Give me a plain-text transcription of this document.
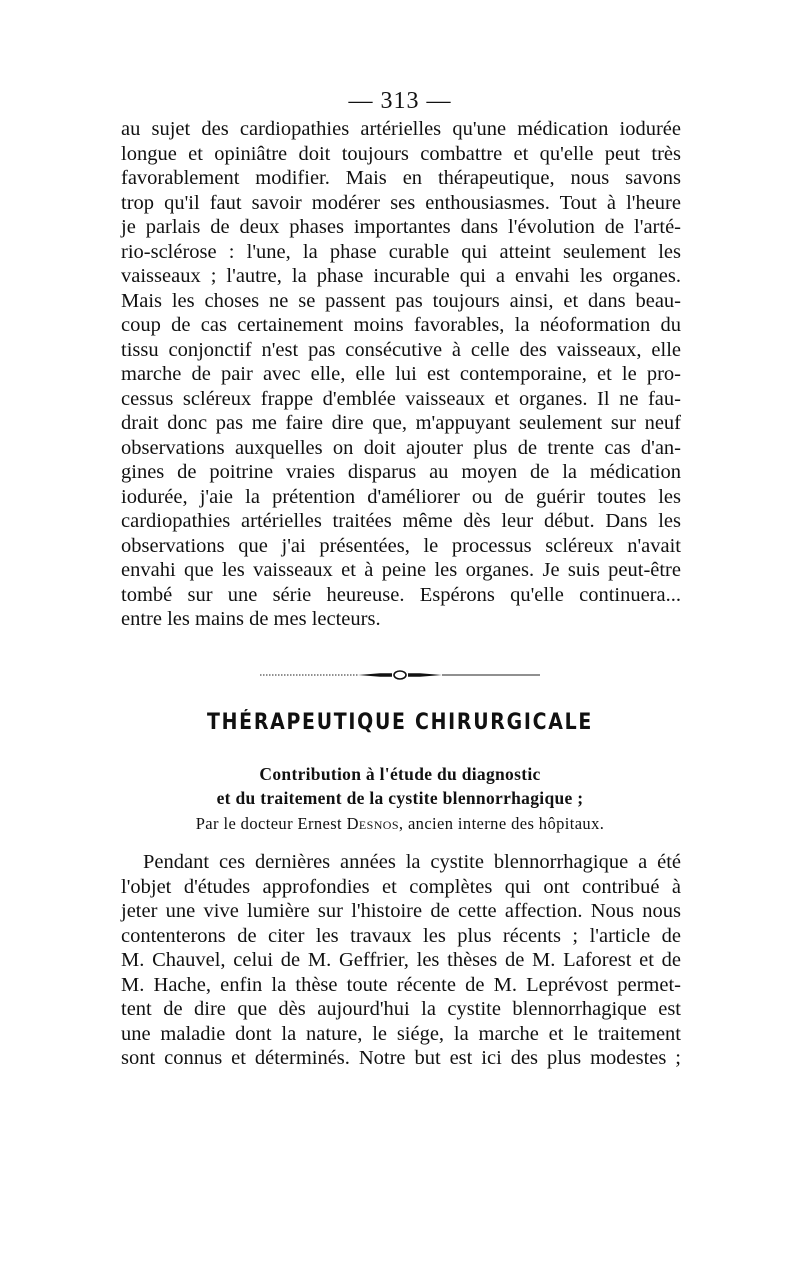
— 313 —
au sujet des cardiopathies artérielles qu'une médication iodurée
longue et opiniâtre doit toujours combattre et qu'elle peut très
favorablement modifier. Mais en thérapeutique, nous savons
trop qu'il faut savoir modérer ses enthousiasmes. Tout à l'heure
je parlais de deux phases importantes dans l'évolution de l'arté-
rio-sclérose : l'une, la phase curable qui atteint seulement les
vaisseaux ; l'autre, la phase incurable qui a envahi les organes.
Mais les choses ne se passent pas toujours ainsi, et dans beau-
coup de cas certainement moins favorables, la néoformation du
tissu conjonctif n'est pas consécutive à celle des vaisseaux, elle
marche de pair avec elle, elle lui est contemporaine, et le pro-
cessus scléreux frappe d'emblée vaisseaux et organes. Il ne fau-
drait donc pas me faire dire que, m'appuyant seulement sur neuf
observations auxquelles on doit ajouter plus de trente cas d'an-
gines de poitrine vraies disparus au moyen de la médication
iodurée, j'aie la prétention d'améliorer ou de guérir toutes les
cardiopathies artérielles traitées même dès leur début. Dans les
observations que j'ai présentées, le processus scléreux n'avait
envahi que les vaisseaux et à peine les organes. Je suis peut-être
tombé sur une série heureuse. Espérons qu'elle continuera...
entre les mains de mes lecteurs.
THÉRAPEUTIQUE CHIRURGICALE
Contribution à l'étude du diagnostic
et du traitement de la cystite blennorrhagique ;
Par le docteur Ernest Desnos, ancien interne des hôpitaux.
Pendant ces dernières années la cystite blennorrhagique a été
l'objet d'études approfondies et complètes qui ont contribué à
jeter une vive lumière sur l'histoire de cette affection. Nous nous
contenterons de citer les travaux les plus récents ; l'article de
M. Chauvel, celui de M. Geffrier, les thèses de M. Laforest et de
M. Hache, enfin la thèse toute récente de M. Leprévost permet-
tent de dire que dès aujourd'hui la cystite blennorrhagique est
une maladie dont la nature, le siége, la marche et le traitement
sont connus et déterminés. Notre but est ici des plus modestes ;
